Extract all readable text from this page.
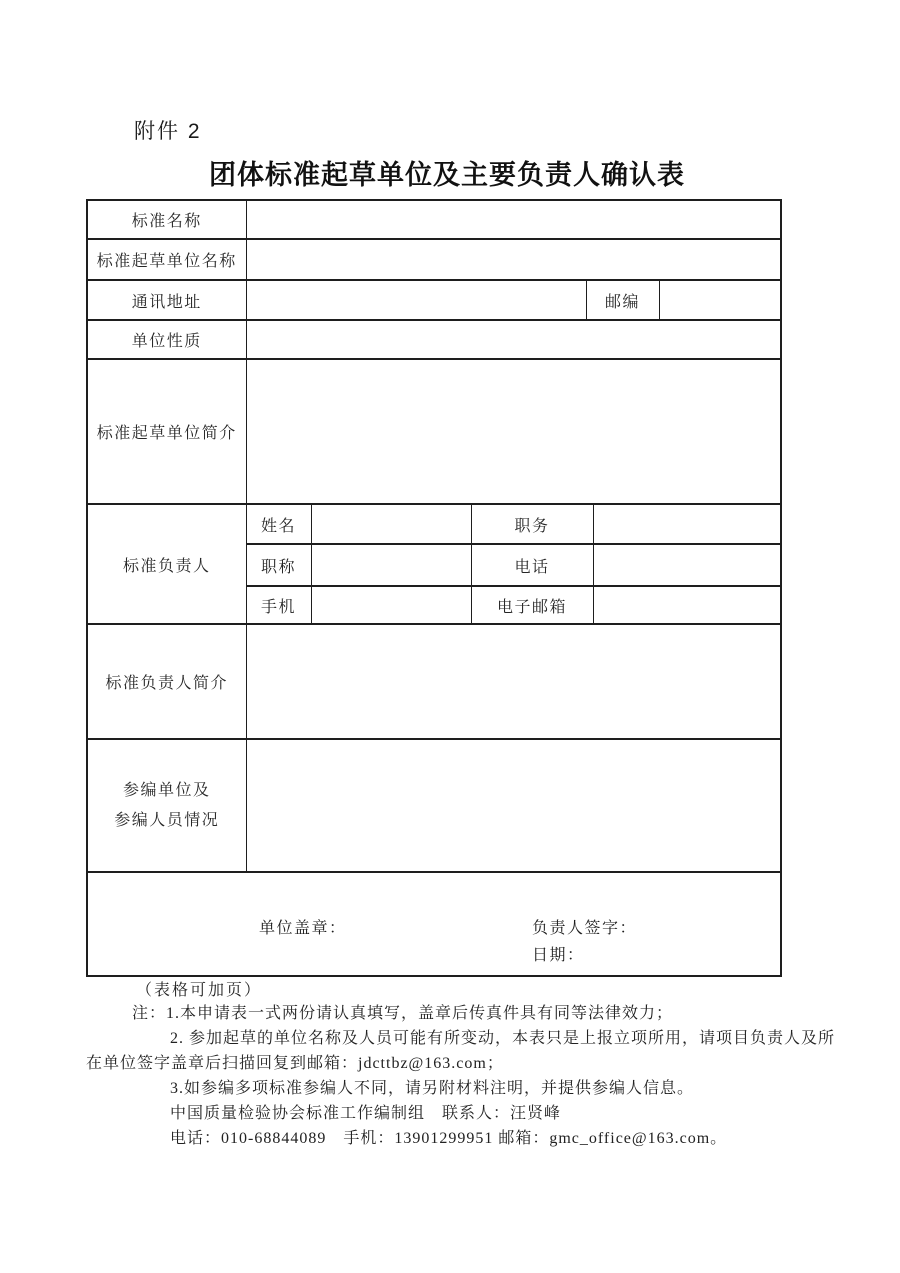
附件 2
团体标准起草单位及主要负责人确认表
标准名称						
标准起草单位名称						
通讯地址				邮编		
单位性质						
标准起草单位简介						
标准负责人	姓名		职务			
	职称		电话			
	手机		电子邮箱			
标准负责人简介						

参编单位及
参编人员情况						

单位盖章： 负责人签字：
日期：						
（表格可加页）
注：1.本申请表一式两份请认真填写，盖章后传真件具有同等法律效力；
2. 参加起草的单位名称及人员可能有所变动，本表只是上报立项所用，请项目负责人及所
在单位签字盖章后扫描回复到邮箱：jdcttbz@163.com；
3.如参编多项标准参编人不同，请另附材料注明，并提供参编人信息。
中国质量检验协会标准工作编制组　联系人：汪贤峰
电话：010-68844089　手机：13901299951 邮箱：gmc_office@163.com。
